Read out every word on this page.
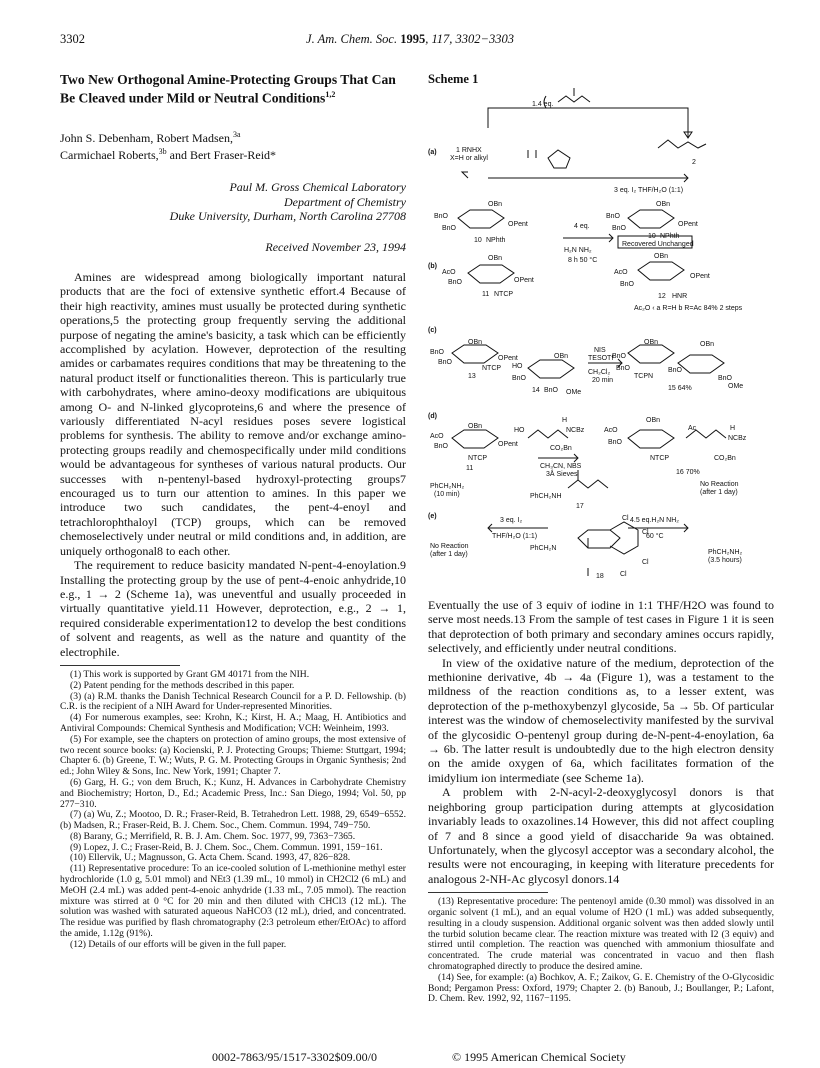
3302	J. Am. Chem. Soc. 1995, 117, 3302−3303
Two New Orthogonal Amine-Protecting Groups That Can Be Cleaved under Mild or Neutral Conditions$^{1,2}$
John S. Debenham, Robert Madsen,$^{3a}$
Carmichael Roberts,$^{3b}$ and Bert Fraser-Reid*
Paul M. Gross Chemical Laboratory
Department of Chemistry
Duke University, Durham, North Carolina 27708
Received November 23, 1994

Amines are widespread among biologically important natural products that are the foci of extensive synthetic effort.4 Because of their high reactivity, amines must usually be protected during synthetic operations,5 the protecting group frequently serving the additional purpose of negating the amine's basicity, a task which can be efficiently accomplished by acylation. However, deprotection of the resulting amides or carbamates requires conditions that may be threatening to the natural product itself or functionalities thereon. This is particularly true with carbohydrates, where amino-deoxy modifications are ubiquitous among O- and N-linked glycoproteins,6 and where the presence of variously differentiated N-acyl residues poses severe logistical problems for synthesis. The ability to remove and/or exchange amino-protecting groups readily and chemospecifically under mild conditions would be advantageous for syntheses of various natural products. Our successes with n-pentenyl-based hydroxyl-protecting groups7 encouraged us to turn our attention to amines. In this paper we introduce two such candidates, the pent-4-enoyl and tetrachlorophthaloyl (TCP) groups, which can be removed chemoselectively under neutral or mild conditions and, in addition, are uniquely orthogonal8 to each other.

The requirement to reduce basicity mandated N-pent-4-enoylation.9 Installing the protecting group by the use of pent-4-enoic anhydride,10 e.g., 1 → 2 (Scheme 1a), was uneventful and usually proceeded in virtually quantitative yield.11 However, deprotection, e.g., 2 → 1, required considerable experimentation12 to develop the best conditions of solvent and reagents, as well as the nature and quantity of the electrophile.

(1) This work is supported by Grant GM 40171 from the NIH.

(2) Patent pending for the methods described in this paper.

(3) (a) R.M. thanks the Danish Technical Research Council for a P. D. Fellowship. (b) C.R. is the recipient of a NIH Award for Under-represented Minorities.

(4) For numerous examples, see: Krohn, K.; Kirst, H. A.; Maag, H. Antibiotics and Antiviral Compounds: Chemical Synthesis and Modification; VCH: Weinheim, 1993.

(5) For example, see the chapters on protection of amino groups, the most extensive of two recent source books: (a) Kocienski, P. J. Protecting Groups; Thieme: Stuttgart, 1994; Chapter 6. (b) Greene, T. W.; Wuts, P. G. M. Protecting Groups in Organic Synthesis; 2nd ed.; John Wiley & Sons, Inc. New York, 1991; Chapter 7.

(6) Garg, H. G.; von dem Bruch, K.; Kunz, H. Advances in Carbohydrate Chemistry and Biochemistry; Horton, D., Ed.; Academic Press, Inc.: San Diego, 1994; Vol. 50, pp 277−310.

(7) (a) Wu, Z.; Mootoo, D. R.; Fraser-Reid, B. Tetrahedron Lett. 1988, 29, 6549−6552. (b) Madsen, R.; Fraser-Reid, B. J. Chem. Soc., Chem. Commun. 1994, 749−750.

(8) Barany, G.; Merrifield, R. B. J. Am. Chem. Soc. 1977, 99, 7363−7365.

(9) Lopez, J. C.; Fraser-Reid, B. J. Chem. Soc., Chem. Commun. 1991, 159−161.

(10) Ellervik, U.; Magnusson, G. Acta Chem. Scand. 1993, 47, 826−828.

(11) Representative procedure: To an ice-cooled solution of L-methionine methyl ester hydrochloride (1.0 g, 5.01 mmol) and NEt3 (1.39 mL, 10 mmol) in CH2Cl2 (6 mL) and MeOH (2.4 mL) was added pent-4-enoic anhydride (1.33 mL, 7.05 mmol). The reaction mixture was stirred at 0 °C for 20 min and then diluted with CHCl3 (12 mL). The solution was washed with saturated aqueous NaHCO3 (12 mL), dried, and concentrated. The residue was purified by flash chromatography (2:3 petroleum ether/EtOAc) to afford the amide, 1.12g (91%).

(12) Details of our efforts will be given in the full paper.

Scheme 1
(a)
1.4 eq.
1 RNHX
X=H or alkyl
3 eq. I₂ THF/H₂O (1:1)
2
(b)
OBn
BnO
BnO
OPent
10 NPhth
4 eq.
H₂N NH₂
8 h 50 °C
OBn
BnO
BnO
OPent
10 NPhth
Recovered Unchanged
OBn
AcO
BnO	OPent
11 NTCP
OBn
AcO
BnO
OPent
12 HNR
Ac₂O ‹ a R=H b R=Ac 84% 2 steps
(c)
OBn
BnO
BnO
OPent
13
NTCP
OBn
HO
BnO
14 BnO OMe
NIS
TESOTf
CH₂Cl₂
20 min
OBn	OBn
BnO
BnO
TCPN
BnO
BnO
OMe
15 64%
(d)
OBn
AcO
BnO	OPent
NTCP
11
HO
H
NCBz
CO₂Bn
CH₃CN, NBS
3Å Sieves
OBn
AcO
BnO
Ac	H
NCBz
NTCP	CO₂Bn
16 70%
PhCH₂NH₂
(10 min)
No Reaction
(after 1 day)
PhCH₂NH
17
(e)
3 eq. I₂
THF/H₂O (1:1)
4.5 eq.H₂N NH₂
60 °C
No Reaction
(after 1 day)	PhCH₂NH₂
(3.5 hours)
PhCH₂N
Cl
Cl
Cl
Cl
18

Eventually the use of 3 equiv of iodine in 1:1 THF/H2O was found to serve most needs.13 From the sample of test cases in Figure 1 it is seen that deprotection of both primary and secondary amines occurs rapidly, selectively, and efficiently under neutral conditions.

In view of the oxidative nature of the medium, deprotection of the methionine derivative, 4b → 4a (Figure 1), was a testament to the mildness of the reaction conditions as, to a lesser extent, was deprotection of the p-methoxybenzyl glycoside, 5a → 5b. Of particular interest was the window of chemoselectivity manifested by the survival of the glycosidic O-pentenyl group during de-N-pent-4-enoylation, 6a → 6b. The latter result is undoubtedly due to the high electron density on the amide oxygen of 6a, which facilitates formation of the imidylium ion intermediate (see Scheme 1a).

A problem with 2-N-acyl-2-deoxyglycosyl donors is that neighboring group participation during attempts at glycosidation invariably leads to oxazolines.14 However, this did not affect coupling of 7 and 8 since a good yield of disaccharide 9a was obtained. Unfortunately, when the glycosyl acceptor was a secondary alcohol, the results were not encouraging, in keeping with literature precedents for analogous 2-NH-Ac glycosyl donors.14

(13) Representative procedure: The pentenoyl amide (0.30 mmol) was dissolved in an organic solvent (1 mL), and an equal volume of H2O (1 mL) was added subsequently, resulting in a cloudy suspension. Additional organic solvent was then added slowly until the turbid solution became clear. The reaction mixture was treated with I2 (3 equiv) and stirred until completion. The reaction was quenched with ammonium thiosulfate and concentrated. The crude material was concentrated in vacuo and then flash chromatographed directly to produce the desired amine.

(14) See, for example: (a) Bochkov, A. F.; Zaikov, G. E. Chemistry of the O-Glycosidic Bond; Pergamon Press: Oxford, 1979; Chapter 2. (b) Banoub, J.; Boullanger, P.; Lafont, D. Chem. Rev. 1992, 92, 1167−1195.

0002-7863/95/1517-3302$09.00/0	© 1995 American Chemical Society
